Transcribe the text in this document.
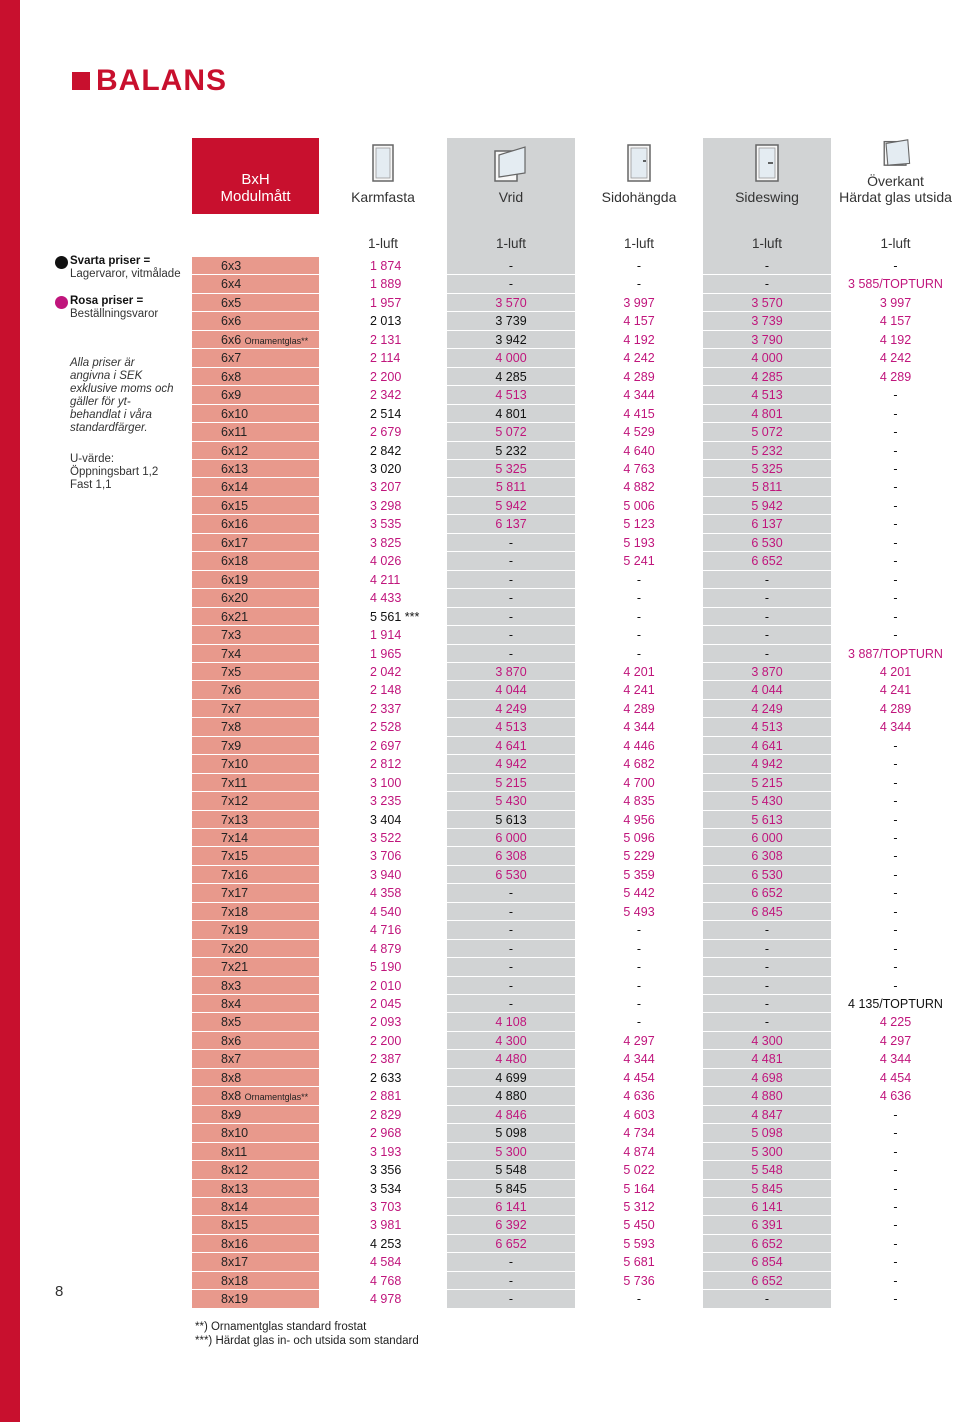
BALANS
Svarta priser =
Lagervaror, vitmålade
Rosa priser =
Beställningsvaror
Alla priser är angivna i SEK exklusive moms och gäller för yt-behandlat i våra standardfärger.
U-värde:
Öppningsbart 1,2
Fast 1,1
8
BxH
Modulmått	Karmfasta	Vrid	Sidohängda	Sideswing
Överkant
Härdat glas utsida
1-luft	1-luft	1-luft	1-luft	1-luft
6x3	1 874	-	-	-	-
6x4	1 889	-	-	-	3 585/TOPTURN
6x5	1 957	3 570	3 997	3 570	3 997
6x6	2 013	3 739	4 157	3 739	4 157
6x6 Ornamentglas**	2 131	3 942	4 192	3 790	4 192
6x7	2 114	4 000	4 242	4 000	4 242
6x8	2 200	4 285	4 289	4 285	4 289
6x9	2 342	4 513	4 344	4 513	-
6x10	2 514	4 801	4 415	4 801	-
6x11	2 679	5 072	4 529	5 072	-
6x12	2 842	5 232	4 640	5 232	-
6x13	3 020	5 325	4 763	5 325	-
6x14	3 207	5 811	4 882	5 811	-
6x15	3 298	5 942	5 006	5 942	-
6x16	3 535	6 137	5 123	6 137	-
6x17	3 825	-	5 193	6 530	-
6x18	4 026	-	5 241	6 652	-
6x19	4 211	-	-	-	-
6x20	4 433	-	-	-	-
6x21	5 561 ***	-	-	-	-
7x3	1 914	-	-	-	-
7x4	1 965	-	-	-	3 887/TOPTURN
7x5	2 042	3 870	4 201	3 870	4 201
7x6	2 148	4 044	4 241	4 044	4 241
7x7	2 337	4 249	4 289	4 249	4 289
7x8	2 528	4 513	4 344	4 513	4 344
7x9	2 697	4 641	4 446	4 641	-
7x10	2 812	4 942	4 682	4 942	-
7x11	3 100	5 215	4 700	5 215	-
7x12	3 235	5 430	4 835	5 430	-
7x13	3 404	5 613	4 956	5 613	-
7x14	3 522	6 000	5 096	6 000	-
7x15	3 706	6 308	5 229	6 308	-
7x16	3 940	6 530	5 359	6 530	-
7x17	4 358	-	5 442	6 652	-
7x18	4 540	-	5 493	6 845	-
7x19	4 716	-	-	-	-
7x20	4 879	-	-	-	-
7x21	5 190	-	-	-	-
8x3	2 010	-	-	-	-
8x4	2 045	-	-	-	4 135/TOPTURN
8x5	2 093	4 108	-	-	4 225
8x6	2 200	4 300	4 297	4 300	4 297
8x7	2 387	4 480	4 344	4 481	4 344
8x8	2 633	4 699	4 454	4 698	4 454
8x8 Ornamentglas**	2 881	4 880	4 636	4 880	4 636
8x9	2 829	4 846	4 603	4 847	-
8x10	2 968	5 098	4 734	5 098	-
8x11	3 193	5 300	4 874	5 300	-
8x12	3 356	5 548	5 022	5 548	-
8x13	3 534	5 845	5 164	5 845	-
8x14	3 703	6 141	5 312	6 141	-
8x15	3 981	6 392	5 450	6 391	-
8x16	4 253	6 652	5 593	6 652	-
8x17	4 584	-	5 681	6 854	-
8x18	4 768	-	5 736	6 652	-
8x19	4 978	-	-	-	-
**) Ornamentglas standard frostat
***) Härdat glas in- och utsida som standard
